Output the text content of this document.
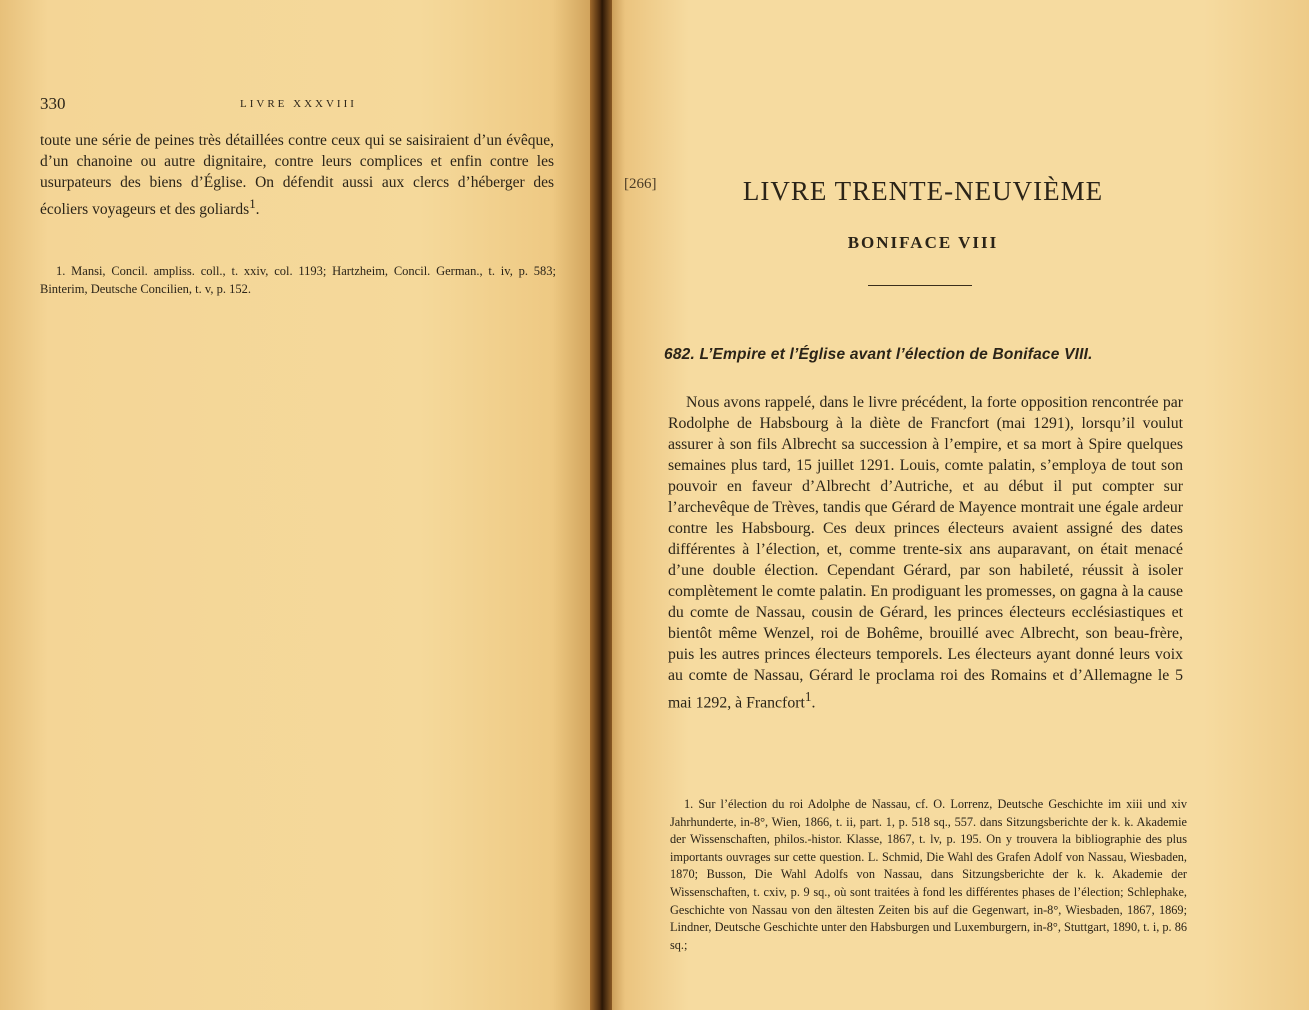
330	LIVRE XXXVIII

toute une série de peines très détaillées contre ceux qui se saisiraient d’un évêque, d’un chanoine ou autre dignitaire, contre leurs complices et enfin contre les usurpateurs des biens d’Église. On défendit aussi aux clercs d’héberger des écoliers voyageurs et des goliards$^1$.

1. Mansi, Concil. ampliss. coll., t. xxiv, col. 1193; Hartzheim, Concil. German., t. iv, p. 583; Binterim, Deutsche Concilien, t. v, p. 152.

[266]	LIVRE TRENTE-NEUVIÈME
BONIFACE VIII
682. L’Empire et l’Église avant l’élection de Boniface VIII.

Nous avons rappelé, dans le livre précédent, la forte opposition rencontrée par Rodolphe de Habsbourg à la diète de Francfort (mai 1291), lorsqu’il voulut assurer à son fils Albrecht sa succession à l’empire, et sa mort à Spire quelques semaines plus tard, 15 juillet 1291. Louis, comte palatin, s’employa de tout son pouvoir en faveur d’Albrecht d’Autriche, et au début il put compter sur l’archevêque de Trèves, tandis que Gérard de Mayence montrait une égale ardeur contre les Habsbourg. Ces deux princes électeurs avaient assigné des dates différentes à l’élection, et, comme trente-six ans auparavant, on était menacé d’une double élection. Cependant Gérard, par son habileté, réussit à isoler complètement le comte palatin. En prodiguant les promesses, on gagna à la cause du comte de Nassau, cousin de Gérard, les princes électeurs ecclésiastiques et bientôt même Wenzel, roi de Bohême, brouillé avec Albrecht, son beau-frère, puis les autres princes électeurs temporels. Les électeurs ayant donné leurs voix au comte de Nassau, Gérard le proclama roi des Romains et d’Allemagne le 5 mai 1292, à Francfort$^1$.

1. Sur l’élection du roi Adolphe de Nassau, cf. O. Lorrenz, Deutsche Geschichte im xiii und xiv Jahrhunderte, in-8°, Wien, 1866, t. ii, part. 1, p. 518 sq., 557. dans Sitzungsberichte der k. k. Akademie der Wissenschaften, philos.-histor. Klasse, 1867, t. lv, p. 195. On y trouvera la bibliographie des plus importants ouvrages sur cette question. L. Schmid, Die Wahl des Grafen Adolf von Nassau, Wiesbaden, 1870; Busson, Die Wahl Adolfs von Nassau, dans Sitzungsberichte der k. k. Akademie der Wissenschaften, t. cxiv, p. 9 sq., où sont traitées à fond les différentes phases de l’élection; Schlephake, Geschichte von Nassau von den ältesten Zeiten bis auf die Gegenwart, in-8°, Wiesbaden, 1867, 1869; Lindner, Deutsche Geschichte unter den Habsburgen und Luxemburgern, in-8°, Stuttgart, 1890, t. i, p. 86 sq.;
